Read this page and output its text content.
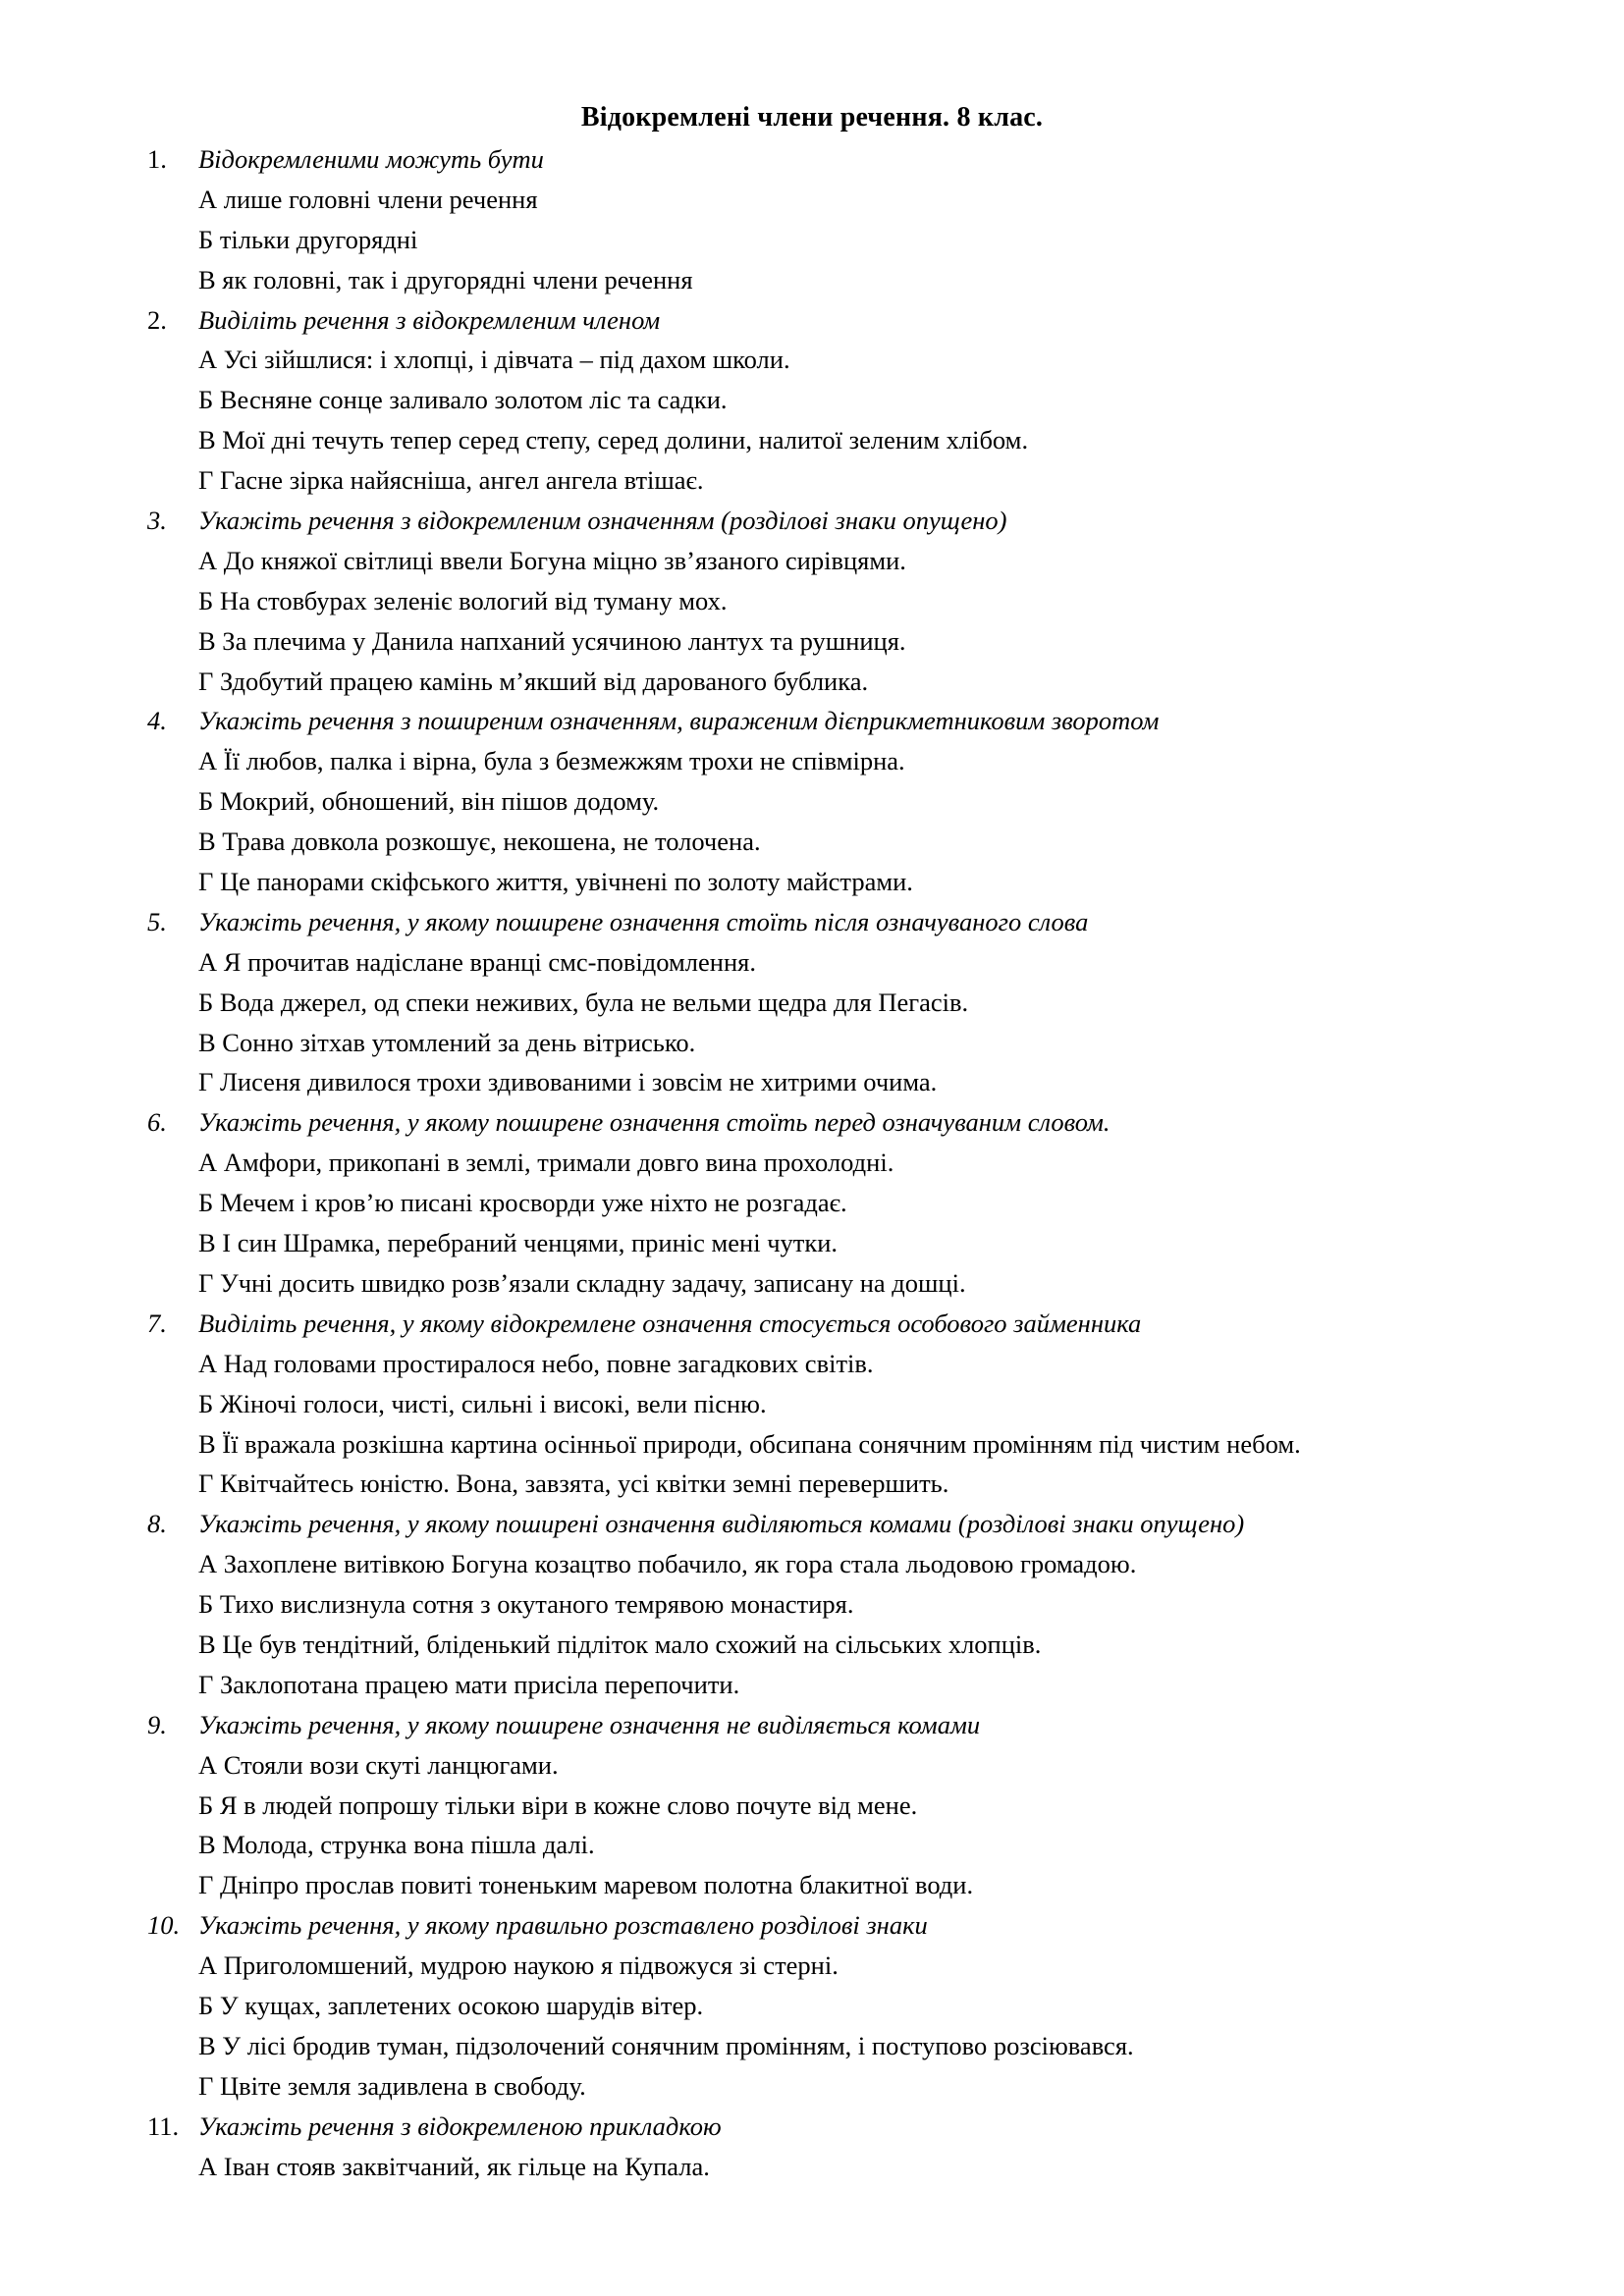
Відокремлені члени речення. 8 клас.
1.	Відокремленими можуть бути
А лише головні члени речення
Б тільки другорядні
В як головні, так і другорядні члени речення
2.	Виділіть речення з відокремленим членом
А Усі зійшлися: і хлопці, і дівчата – під дахом школи.
Б Весняне сонце заливало золотом ліс та садки.
В Мої дні течуть тепер серед степу, серед долини, налитої зеленим хлібом.
Г Гасне зірка найясніша, ангел ангела втішає.
3.	Укажіть речення з відокремленим означенням (розділові знаки опущено)
А До княжої світлиці ввели Богуна міцно зв’язаного сирівцями.
Б На стовбурах зеленіє вологий від туману мох.
В За плечима у Данила напханий усячиною лантух та рушниця.
Г Здобутий працею камінь м’якший від дарованого бублика.
4.	Укажіть речення з поширеним означенням, вираженим дієприкметниковим зворотом
А Її любов, палка і вірна, була з безмежжям трохи не співмірна.
Б Мокрий, обношений, він пішов додому.
В Трава довкола розкошує, некошена, не толочена.
Г Це панорами скіфського життя, увічнені по золоту майстрами.
5.	Укажіть речення, у якому поширене означення стоїть після означуваного слова
А Я прочитав надіслане вранці смс-повідомлення.
Б Вода джерел, од спеки неживих, була не вельми щедра для Пегасів.
В Сонно зітхав утомлений за день вітрисько.
Г Лисеня дивилося трохи здивованими і зовсім не хитрими очима.
6.	Укажіть речення, у якому поширене означення стоїть перед означуваним словом.
А Амфори, прикопані в землі, тримали довго вина прохолодні.
Б Мечем і кров’ю писані кросворди уже ніхто не розгадає.
В І син Шрамка, перебраний ченцями, приніс мені чутки.
Г Учні досить швидко розв’язали складну задачу, записану на дошці.
7.	Виділіть речення, у якому відокремлене означення стосується особового займенника
А Над головами простиралося небо, повне загадкових світів.
Б Жіночі голоси, чисті, сильні і високі, вели пісню.
В Її вражала розкішна картина осінньої природи, обсипана сонячним промінням під чистим небом.
Г Квітчайтесь юністю. Вона, завзята, усі квітки земні перевершить.
8.	Укажіть речення, у якому поширені означення виділяються комами (розділові знаки опущено)
А Захоплене витівкою Богуна козацтво побачило, як гора стала льодовою громадою.
Б Тихо вислизнула сотня з окутаного темрявою монастиря.
В Це був тендітний, бліденький підліток мало схожий на сільських хлопців.
Г Заклопотана працею мати присіла перепочити.
9.	Укажіть речення, у якому поширене означення не виділяється комами
А Стояли вози скуті ланцюгами.
Б Я в людей попрошу тільки віри в кожне слово почуте від мене.
В Молода, струнка вона пішла далі.
Г Дніпро прослав повиті тоненьким маревом полотна блакитної води.
10. Укажіть речення, у якому правильно розставлено розділові знаки
А Приголомшений, мудрою наукою я підвожуся зі стерні.
Б У кущах, заплетених осокою шарудів вітер.
В У лісі бродив туман, підзолочений сонячним промінням, і поступово розсіювався.
Г Цвіте земля задивлена в свободу.
11. Укажіть речення з відокремленою прикладкою
А Іван стояв заквітчаний, як гільце на Купала.
